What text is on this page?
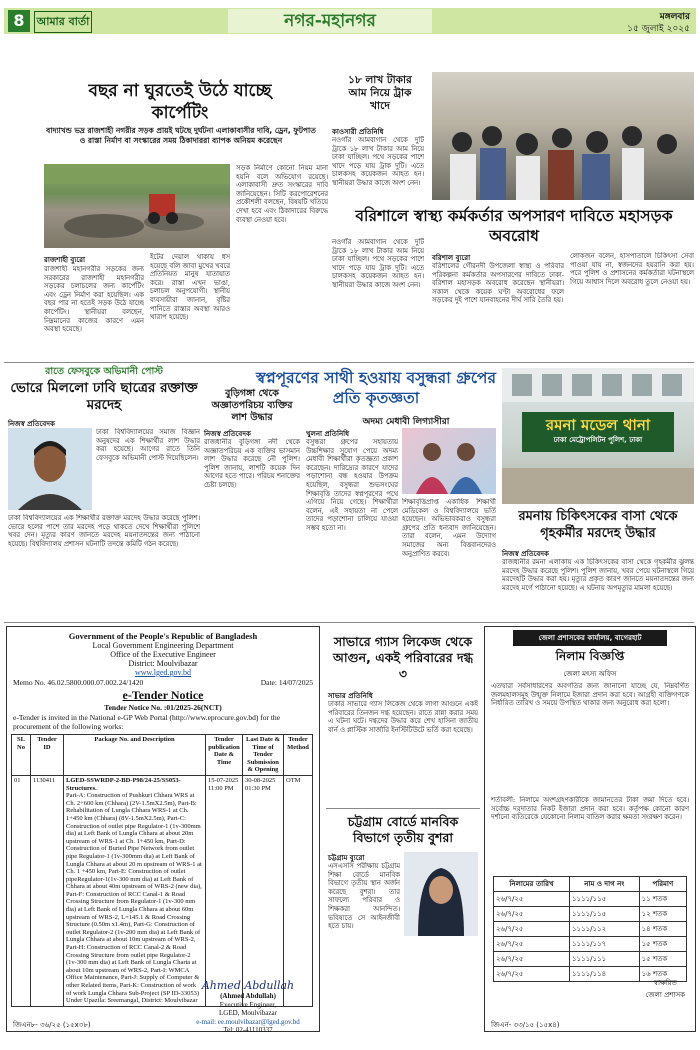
8	আমার বার্তা	নগর-মহানগর	মঙ্গলবার
১৫ জুলাই ২০২৫
বছর না ঘুরতেই উঠে যাচ্ছে কার্পেটিং
বাদ্যাখন্ড ভদ্র রাজশাহী নগরীর সড়ক প্রায়ই ঘটছে দুর্ঘটনা এলাকাবাসীর দাবি, ড্রেন, ফুটপাত ও রাস্তা নির্মাণ বা সংস্কারের সময় ঠিকাদাররা ব্যাপক অনিয়ম করেছেন
রাজশাহী ব্যুরো
রাজশাহী মহানগরীর সড়কের জন্য সরকারের রাজশাহী মহানগরীর সড়কের চলাচলের জন্য কার্পেটিং এবং ড্রেন নির্মাণ করা হয়েছিল। এক বছর পার না হতেই সড়ক উঠে যাচ্ছে কার্পেটিং। স্থানীয়রা বলছেন, নিম্নমানের কাজের কারণে এমন অবস্থা হয়েছে।
ইটের দেয়াল থাকায় ধস হয়েছে বলি জাবা মুখের খবরে প্রতিনিয়ত মানুষ যাতায়াত করে। রাস্তা এখন ভাঙা, চলাচল অনুপযোগী। স্থানীয় ব্যবসায়ীরা জানান, বৃষ্টির পানিতে রাস্তার অবস্থা আরও খারাপ হয়েছে।
সড়ক নির্মাণে কোনো নিয়ম মানা হয়নি বলে অভিযোগ রয়েছে। এলাকাবাসী দ্রুত সংস্কারের দাবি জানিয়েছেন। সিটি করপোরেশনের প্রকৌশলী বলছেন, বিষয়টি খতিয়ে দেখা হবে এবং ঠিকাদারের বিরুদ্ধে ব্যবস্থা নেওয়া হবে।
১৮ লাখ টাকার আম নিয়ে ট্রাক খাদে
কাওসারী প্রতিনিধি
নওগাঁর আমবাগান থেকে দুটি ট্রাকে ১৮ লাখ টাকার আম নিয়ে ঢাকা যাচ্ছিল। পথে সড়কের পাশে খাদে পড়ে যায় ট্রাক দুটি। এতে চালকসহ কয়েকজন আহত হন। স্থানীয়রা উদ্ধার কাজে অংশ নেন।
বরিশালে স্বাস্থ্য কর্মকর্তার অপসারণ দাবিতে মহাসড়ক অবরোধ
বরিশাল ব্যুরো
বরিশালের গৌরনদী উপজেলা স্বাস্থ্য ও পরিবার পরিকল্পনা কর্মকর্তার অপসারণের দাবিতে ঢাকা-বরিশাল মহাসড়ক অবরোধ করেছেন স্থানীয়রা। সকাল থেকে কয়েক ঘণ্টা অবরোধের ফলে সড়কের দুই পাশে যানবাহনের দীর্ঘ সারি তৈরি হয়।
লোকজন বলেন, হাসপাতালে চিকিৎসা সেবা পাওয়া যায় না, স্বজনদের হয়রানি করা হয়। পরে পুলিশ ও প্রশাসনের কর্মকর্তারা ঘটনাস্থলে গিয়ে আশ্বাস দিলে অবরোধ তুলে নেওয়া হয়।
নওগাঁর আমবাগান থেকে দুটি ট্রাকে ১৮ লাখ টাকার আম নিয়ে ঢাকা যাচ্ছিল। পথে সড়কের পাশে খাদে পড়ে যায় ট্রাক দুটি। এতে চালকসহ কয়েকজন আহত হন। স্থানীয়রা উদ্ধার কাজে অংশ নেন।
রাতে ফেসবুকে অভিমানী পোস্ট
ভোরে মিললো ঢাবি ছাত্রের রক্তাক্ত মরদেহ
নিজস্ব প্রতিবেদক
ঢাকা বিশ্ববিদ্যালয়ের সমাজ বিজ্ঞান অনুষদের এক শিক্ষার্থীর লাশ উদ্ধার করা হয়েছে। আগের রাতে তিনি ফেসবুকে অভিমানী পোস্ট দিয়েছিলেন।
ঢাকা বিশ্ববিদ্যালয়ের এক শিক্ষার্থীর রক্তাক্ত মরদেহ উদ্ধার করেছে পুলিশ। ভোরে হলের পাশে তার মরদেহ পড়ে থাকতে দেখে শিক্ষার্থীরা পুলিশে খবর দেন। মৃত্যুর কারণ জানতে মরদেহ ময়নাতদন্তের জন্য পাঠানো হয়েছে। বিশ্ববিদ্যালয় প্রশাসন ঘটনাটি তদন্তে কমিটি গঠন করেছে।
বুড়িগঙ্গা থেকে অজ্ঞাতপরিচয় ব্যক্তির লাশ উদ্ধার
নিজস্ব প্রতিবেদক
রাজধানীর বুড়িগঙ্গা নদী থেকে অজ্ঞাতপরিচয় এক ব্যক্তির ভাসমান লাশ উদ্ধার করেছে নৌ পুলিশ। পুলিশ জানায়, লাশটি কয়েক দিন আগের হতে পারে। পরিচয় শনাক্তের চেষ্টা চলছে।
স্বপ্নপূরণের সাথী হওয়ায় বসুন্ধরা গ্রুপের প্রতি কৃতজ্ঞতা
অদম্য মেধাবী লিগ্যাসীরা
খুলনা প্রতিনিধি
বসুন্ধরা গ্রুপের সহায়তায় উচ্চশিক্ষার সুযোগ পেয়ে অদম্য মেধাবী শিক্ষার্থীরা কৃতজ্ঞতা প্রকাশ করেছেন। দারিদ্র্যের কারণে যাদের পড়াশোনা বন্ধ হওয়ার উপক্রম হয়েছিল, বসুন্ধরা শুভসংঘের শিক্ষাবৃত্তি তাদের স্বপ্নপূরণের পথে এগিয়ে নিয়ে গেছে। শিক্ষার্থীরা বলেন, এই সহায়তা না পেলে তাদের পড়াশোনা চালিয়ে যাওয়া সম্ভব হতো না।
শিক্ষাবৃত্তিপ্রাপ্ত একাধিক শিক্ষার্থী মেডিকেল ও বিশ্ববিদ্যালয়ে ভর্তি হয়েছেন। অভিভাবকরাও বসুন্ধরা গ্রুপের প্রতি ধন্যবাদ জানিয়েছেন। তারা বলেন, এমন উদ্যোগ সমাজের অন্য বিত্তবানদেরও অনুপ্রাণিত করবে।
রমনা মডেল থানা
ঢাকা মেট্রোপলিটন পুলিশ, ঢাকা
রমনায় চিকিৎসকের বাসা থেকে গৃহকর্মীর মরদেহ উদ্ধার
নিজস্ব প্রতিবেদক
রাজধানীর রমনা এলাকায় এক চিকিৎসকের বাসা থেকে গৃহকর্মীর ঝুলন্ত মরদেহ উদ্ধার করেছে পুলিশ। পুলিশ জানায়, খবর পেয়ে ঘটনাস্থলে গিয়ে মরদেহটি উদ্ধার করা হয়। মৃত্যুর প্রকৃত কারণ জানতে ময়নাতদন্তের জন্য মরদেহ মর্গে পাঠানো হয়েছে। এ ঘটনায় অপমৃত্যুর মামলা হয়েছে।
Government of the People's Republic of Bangladesh
Local Government Engineering Department
Office of the Executive Engineer
District: Moulvibazar
www.lged.gov.bd
Memo No. 46.02.5800.000.07.002.24/1420	Date: 14/07/2025
e-Tender Notice
Tender Notice No. :01/2025-26(NCT)
e-Tender is invited in the National e-GP Web Portal (http://www.eprocure.gov.bd) for the procurement of the following works:
SL No	Tender ID	Package No. and Description	Tender publication Date & Time	Last Date & Time of Tender Submission & Opening	Tender Method
01	1130411	LGED-SSWRDP-2-BD-P98/24-25/SS053-Structures.
Part-A: Construction of Pushkuri Chhara WRS at Ch. 2+600 km (Chhara) (2V-1.5mX2.5m), Part-B: Rehabilitation of Lungla Chhara WRS-1 at Ch. 1+450 km (Chhara) (8V-1.5mX2.5m), Part-C: Construction of outlet pipe Regulator-1 (1v-300mm dia) at Left Bank of Lungla Chhara at about 20m upstream of WRS-1 at Ch. 1+450 km, Part-D: Construction of Buried Pipe Network from outlet pipe Regulator-1 (1v-300mm dia) at Left Bank of Lungla Chhara at about 20 m upstream of WRS-1 at Ch. 1 +450 km, Part-E: Construction of outlet pipeRegulator-1(1v-300 mm dia) at Left Bank of Chhara at about 40m upstream of WRS-2 (new dia), Part-F: Construction of RCC Canal-1 & Road Crossing Structure from Regulator-1 (1v-300 mm dia) at Left Bank of Lungla Chhara at about 60m upstream of WRS-2, L=145.1 & Road Crossing Structure (0.50m x1.4m), Part-G: Construction of outlet Regulator-2 (1v-200 mm dia) at Left Bank of Lungla Chhara at about 10m upstream of WRS-2, Part-H: Construction of RCC Canal-2 & Road Crossing Structure from outlet pipe Regulator-2 (1v-300 mm dia) at Left Bank of Lungla Charta at about 10m upstream of WRS-2, Part-I: WMCA Office Maintenance, Part-J: Supply of Computer & other Related items, Part-K: Construction of work of work Lungla Chhara Sub-Project (SP ID-33053) Under Upazila: Sreemangal, District: Moulvibazar	15-07-2025 11:00 PM	30-08-2025 01:30 PM	OTM
Ahmed Abdullah
(Ahmed Abdullah)
Executive Engineer,
LGED, Moulvibazar
e-mail: ee.moulvibazar@lged.gov.bd
Tel: 02-41110337
জিএন৮- ৩৬/২৫ (১৫x৩৮)
সাভারে গ্যাস লিকেজ থেকে আগুন, একই পরিবারের দগ্ধ ৩
সাভার প্রতিনিধি
ঢাকার সাভারে গ্যাস লিকেজ থেকে লাগা আগুনে একই পরিবারের তিনজন দগ্ধ হয়েছেন। রাতে রান্না করার সময় এ ঘটনা ঘটে। দগ্ধদের উদ্ধার করে শেখ হাসিনা জাতীয় বার্ন ও প্লাস্টিক সার্জারি ইনস্টিটিউটে ভর্তি করা হয়েছে।
চট্টগ্রাম বোর্ডে মানবিক বিভাগে তৃতীয় বুশরা
চট্টগ্রাম ব্যুরো
এসএসসি পরীক্ষায় চট্টগ্রাম শিক্ষা বোর্ডে মানবিক বিভাগে তৃতীয় স্থান অর্জন করেছে বুশরা। তার সাফল্যে পরিবার ও শিক্ষকরা আনন্দিত। ভবিষ্যতে সে আইনজীবী হতে চায়।
জেলা প্রশাসকের কার্যালয়, বাগেরহাট
নিলাম বিজ্ঞপ্তি
জেলা মৎস্য অফিস
এতদ্বারা সর্বসাধারণের অবগতির জন্য জানানো যাচ্ছে যে, নিম্নবর্ণিত জলমহালসমূহ উন্মুক্ত নিলামে ইজারা প্রদান করা হবে। আগ্রহী ব্যক্তিগণকে নির্ধারিত তারিখ ও সময়ে উপস্থিত থাকার জন্য অনুরোধ করা হলো।
শর্তাবলী: নিলামে অংশগ্রহণকারীকে জামানতের টাকা জমা দিতে হবে। সর্বোচ্চ দরদাতার নিকট ইজারা প্রদান করা হবে। কর্তৃপক্ষ কোনো কারণ দর্শানো ব্যতিরেকে যেকোনো নিলাম বাতিল করার ক্ষমতা সংরক্ষণ করেন।
নিলামের তারিখ	নাম ও দাগ নং	পরিমাণ
২৬/৭/২৫	১১১১/১১৫	১১ শতক
২৬/৭/২৫	১১১১/১১৫	১২ শতক
২৬/৭/২৫	১১১১/১১২	১৪ শতক
২৬/৭/২৫	১১১১/১১৭	১৫ শতক
২৬/৭/২৫	১১১১/১১১	১৫ শতক
২৬/৭/২৫	১১১১/১১৪	১৬ শতক
স্বাক্ষরিত
জেলা প্রশাসক
জিএন- ৩৩/১৫ (১৫x৪)
